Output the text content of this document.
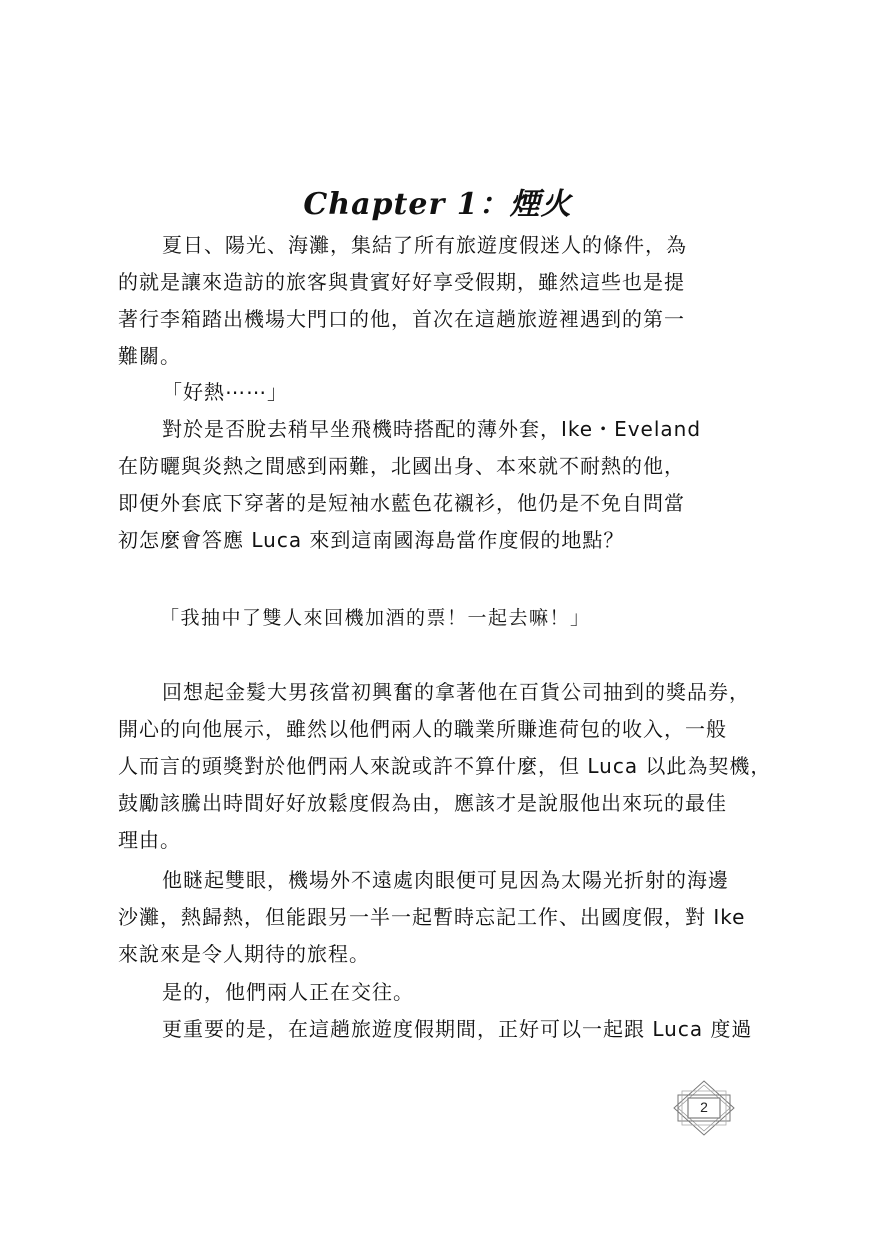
Chapter 1：煙火

夏日、陽光、海灘，集結了所有旅遊度假迷人的條件，為
的就是讓來造訪的旅客與貴賓好好享受假期，雖然這些也是提
著行李箱踏出機場大門口的他，首次在這趟旅遊裡遇到的第一
難關。

「好熱⋯⋯」

對於是否脫去稍早坐飛機時搭配的薄外套，Ike・Eveland
在防曬與炎熱之間感到兩難，北國出身、本來就不耐熱的他，
即便外套底下穿著的是短袖水藍色花襯衫，他仍是不免自問當
初怎麼會答應 Luca 來到這南國海島當作度假的地點？

「我抽中了雙人來回機加酒的票！一起去嘛！」

回想起金髮大男孩當初興奮的拿著他在百貨公司抽到的獎品券，
開心的向他展示，雖然以他們兩人的職業所賺進荷包的收入，一般
人而言的頭獎對於他們兩人來說或許不算什麼，但 Luca 以此為契機，
鼓勵該騰出時間好好放鬆度假為由，應該才是說服他出來玩的最佳
理由。

他瞇起雙眼，機場外不遠處肉眼便可見因為太陽光折射的海邊
沙灘，熱歸熱，但能跟另一半一起暫時忘記工作、出國度假，對 Ike
來說來是令人期待的旅程。

是的，他們兩人正在交往。

更重要的是，在這趟旅遊度假期間，正好可以一起跟 Luca 度過

2
